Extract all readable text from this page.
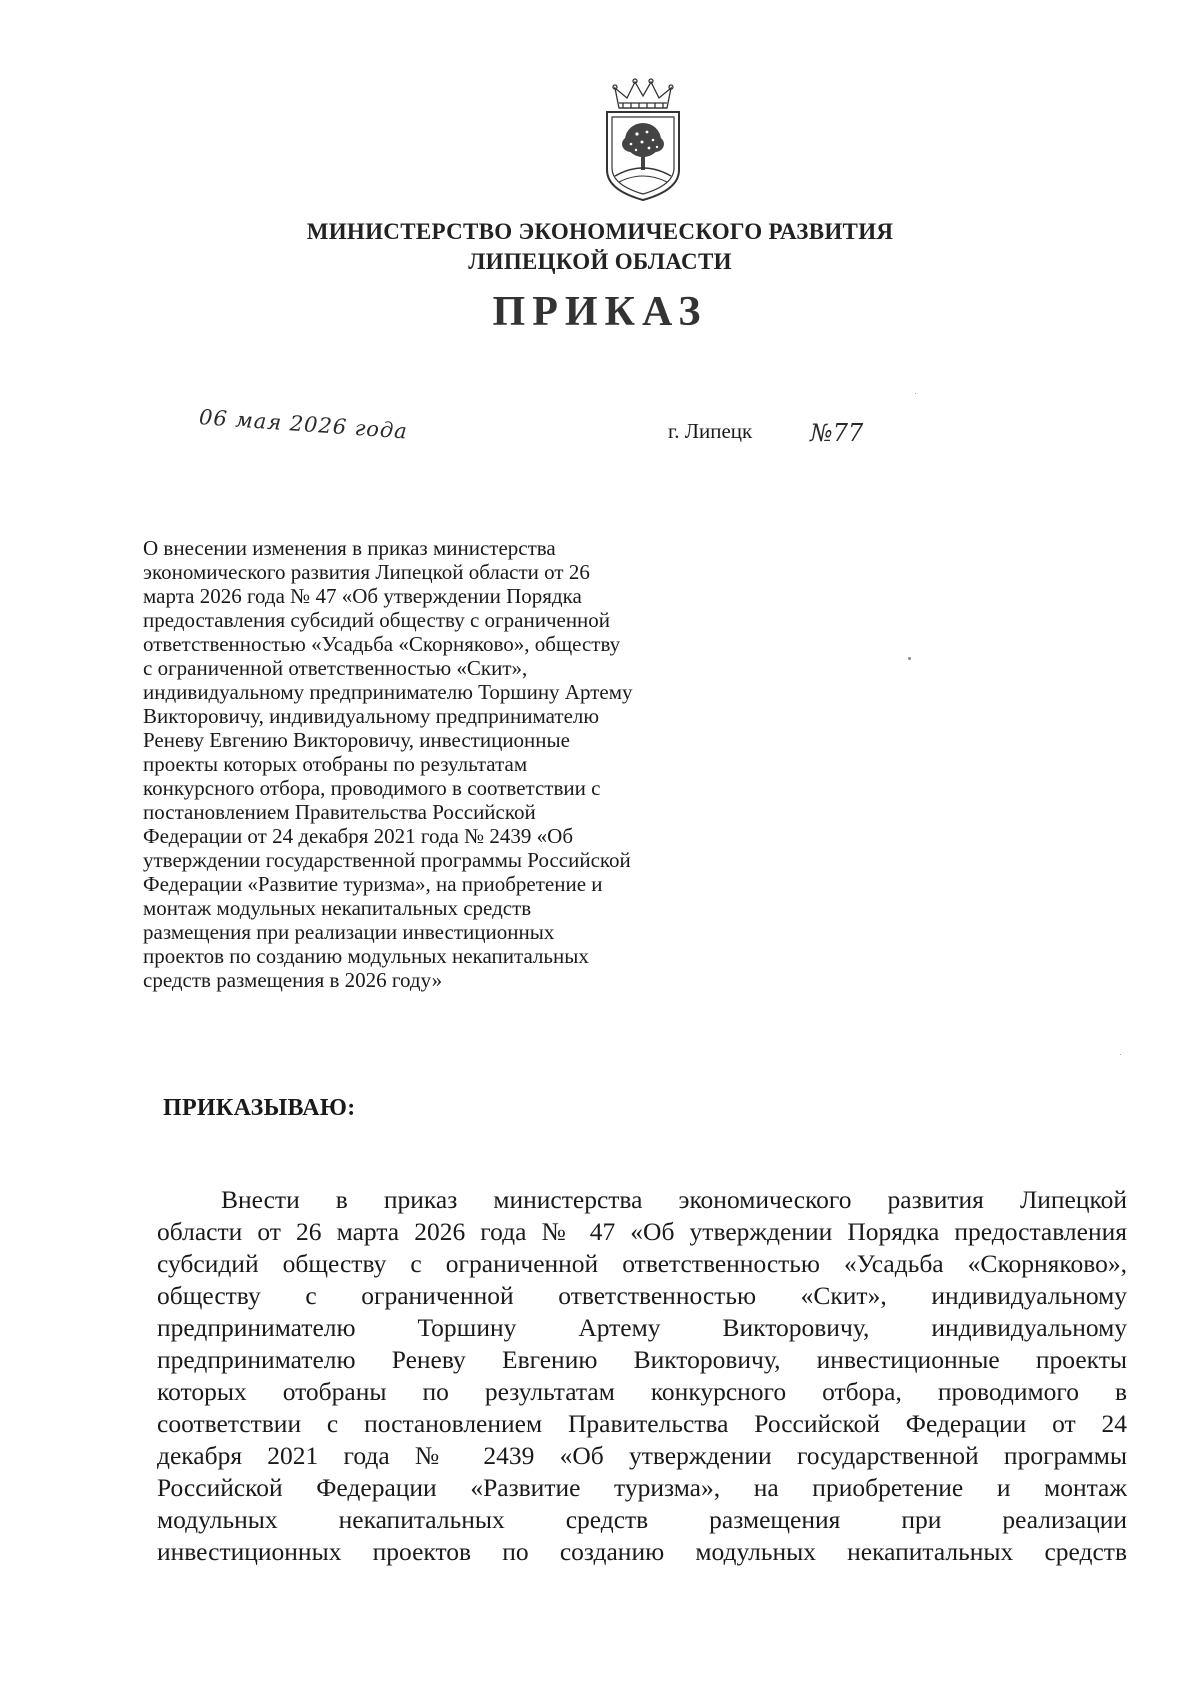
МИНИСТЕРСТВО ЭКОНОМИЧЕСКОГО РАЗВИТИЯ
ЛИПЕЦКОЙ ОБЛАСТИ
ПРИКАЗ
06 мая 2026 года	г. Липецк №77
О внесении изменения в приказ министерства
экономического развития Липецкой области от 26
марта 2026 года № 47 «Об утверждении Порядка
предоставления субсидий обществу с ограниченной
ответственностью «Усадьба «Скорняково», обществу
с ограниченной ответственностью «Скит»,
индивидуальному предпринимателю Торшину Артему
Викторовичу, индивидуальному предпринимателю
Реневу Евгению Викторовичу, инвестиционные
проекты которых отобраны по результатам
конкурсного отбора, проводимого в соответствии с
постановлением Правительства Российской
Федерации от 24 декабря 2021 года № 2439 «Об
утверждении государственной программы Российской
Федерации «Развитие туризма», на приобретение и
монтаж модульных некапитальных средств
размещения при реализации инвестиционных
проектов по созданию модульных некапитальных
средств размещения в 2026 году»
ПРИКАЗЫВАЮ:
Внести в приказ министерства экономического развития Липецкой
области от 26 марта 2026 года № 47 «Об утверждении Порядка предоставления
субсидий обществу с ограниченной ответственностью «Усадьба «Скорняково»,
обществу с ограниченной ответственностью «Скит», индивидуальному
предпринимателю Торшину Артему Викторовичу, индивидуальному
предпринимателю Реневу Евгению Викторовичу, инвестиционные проекты
которых отобраны по результатам конкурсного отбора, проводимого в
соответствии с постановлением Правительства Российской Федерации от 24
декабря 2021 года № 2439 «Об утверждении государственной программы
Российской Федерации «Развитие туризма», на приобретение и монтаж
модульных некапитальных средств размещения при реализации
инвестиционных проектов по созданию модульных некапитальных средств
